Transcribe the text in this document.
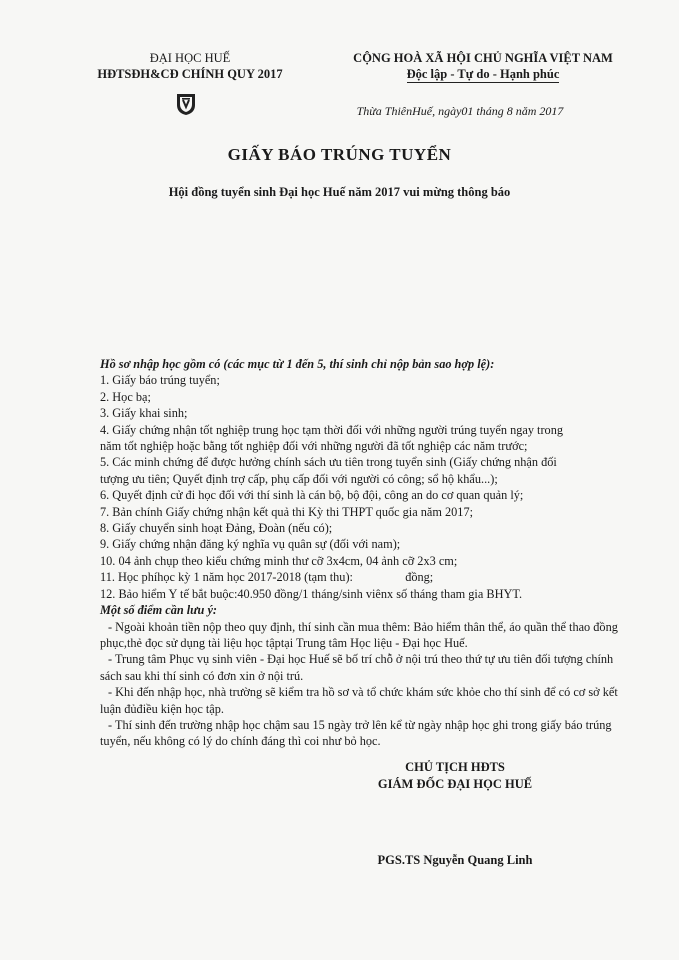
ĐẠI HỌC HUẾ
HĐTSĐH&CĐ CHÍNH QUY 2017
CỘNG HOÀ XÃ HỘI CHỦ NGHĨA VIỆT NAM
Độc lập - Tự do - Hạnh phúc
Thừa ThiênHuế, ngày01 tháng 8 năm 2017
GIẤY BÁO TRÚNG TUYỂN
Hội đồng tuyển sinh Đại học Huế năm 2017 vui mừng thông báo

Hồ sơ nhập học gồm có (các mục từ 1 đến 5, thí sinh chỉ nộp bản sao hợp lệ):

1. Giấy báo trúng tuyển;

2. Học bạ;

3. Giấy khai sinh;

4. Giấy chứng nhận tốt nghiệp trung học tạm thời đối với những người trúng tuyển ngay trong

năm tốt nghiệp hoặc bằng tốt nghiệp đối với những người đã tốt nghiệp các năm trước;

5. Các minh chứng để được hưởng chính sách ưu tiên trong tuyển sinh (Giấy chứng nhận đối

tượng ưu tiên; Quyết định trợ cấp, phụ cấp đối với người có công; sổ hộ khẩu...);

6. Quyết định cử đi học đối với thí sinh là cán bộ, bộ đội, công an do cơ quan quản lý;

7. Bản chính Giấy chứng nhận kết quả thi Kỳ thi THPT quốc gia năm 2017;

8. Giấy chuyển sinh hoạt Đảng, Đoàn (nếu có);

9. Giấy chứng nhận đăng ký nghĩa vụ quân sự (đối với nam);

10. 04 ảnh chụp theo kiểu chứng minh thư cỡ 3x4cm, 04 ảnh cỡ 2x3 cm;

11. Học phíhọc kỳ 1 năm học 2017-2018 (tạm thu):                 đồng;

12. Bảo hiểm Y tế bắt buộc:40.950 đồng/1 tháng/sinh viênx số tháng tham gia BHYT.

Một số điểm cần lưu ý:

- Ngoài khoản tiền nộp theo quy định, thí sinh cần mua thêm: Bảo hiểm thân thể, áo quần thể thao đồng

phục,thẻ đọc sử dụng tài liệu học tậptại Trung tâm Học liệu - Đại học Huế.

- Trung tâm Phục vụ sinh viên - Đại học Huế sẽ bố trí chỗ ở nội trú theo thứ tự ưu tiên đối tượng chính

sách sau khi thí sinh có đơn xin ở nội trú.

- Khi đến nhập học, nhà trường sẽ kiểm tra hồ sơ và tổ chức khám sức khỏe cho thí sinh để có cơ sở kết

luận đủđiều kiện học tập.

- Thí sinh đến trường nhập học chậm sau 15 ngày trở lên kể từ ngày nhập học ghi trong giấy báo trúng

tuyển, nếu không có lý do chính đáng thì coi như bỏ học.

CHỦ TỊCH HĐTS
GIÁM ĐỐC ĐẠI HỌC HUẾ
PGS.TS Nguyễn Quang Linh
